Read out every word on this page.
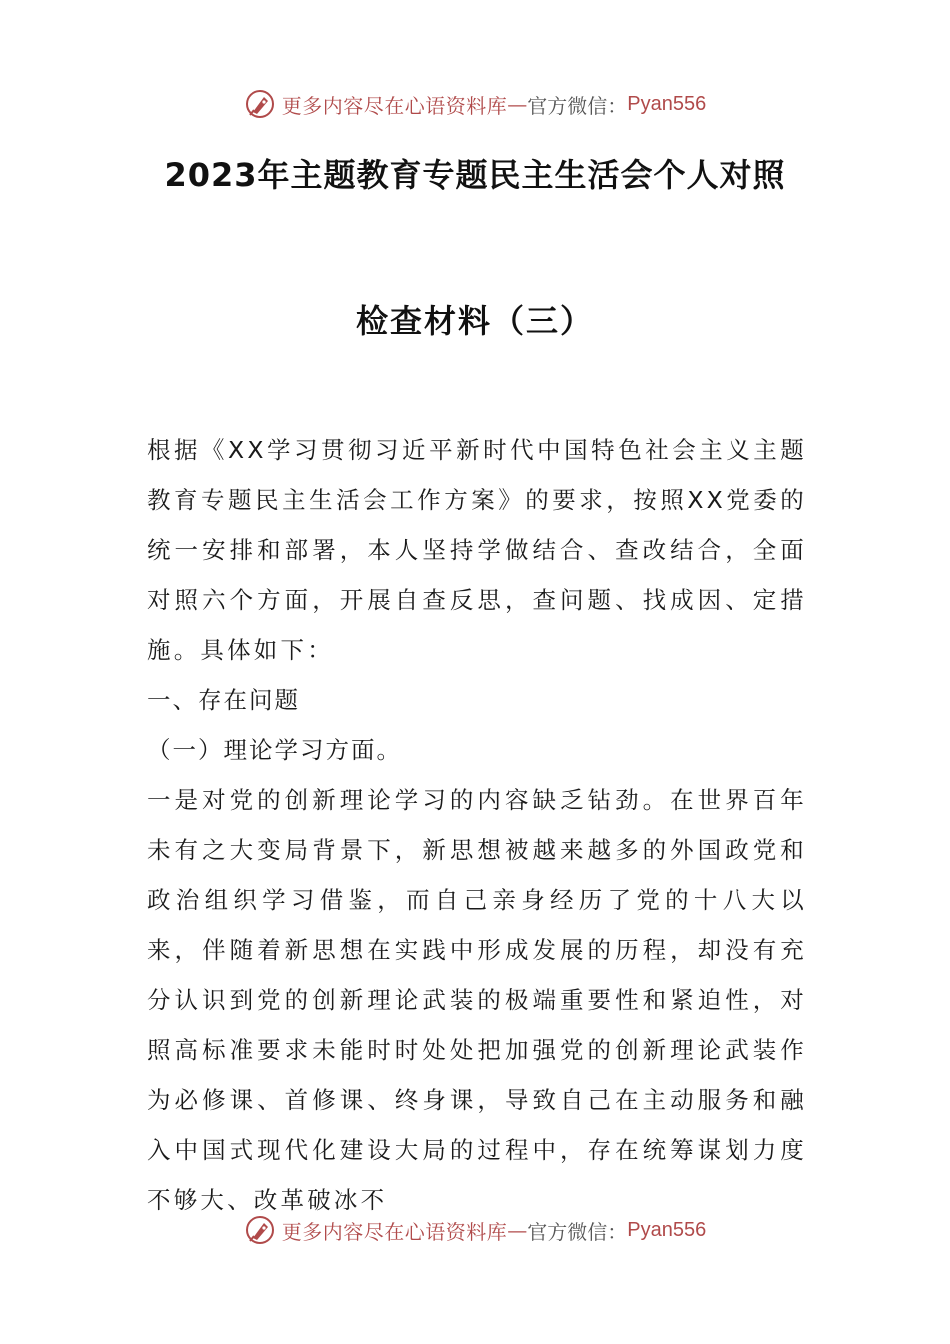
更多内容尽在心语资料库 — 官方微信： Pyan556
2023年主题教育专题民主生活会个人对照
检查材料（三）

根据《XX学习贯彻习近平新时代中国特色社会主义主题教育专题民主生活会工作方案》的要求，按照XX党委的统一安排和部署，本人坚持学做结合、查改结合，全面对照六个方面，开展自查反思，查问题、找成因、定措施。具体如下：

一、存在问题

（一）理论学习方面。

一是对党的创新理论学习的内容缺乏钻劲。在世界百年未有之大变局背景下，新思想被越来越多的外国政党和政治组织学习借鉴，而自己亲身经历了党的十八大以来，伴随着新思想在实践中形成发展的历程，却没有充分认识到党的创新理论武装的极端重要性和紧迫性，对照高标准要求未能时时处处把加强党的创新理论武装作为必修课、首修课、终身课，导致自己在主动服务和融入中国式现代化建设大局的过程中，存在统筹谋划力度不够大、改革破冰不

更多内容尽在心语资料库 — 官方微信： Pyan556
